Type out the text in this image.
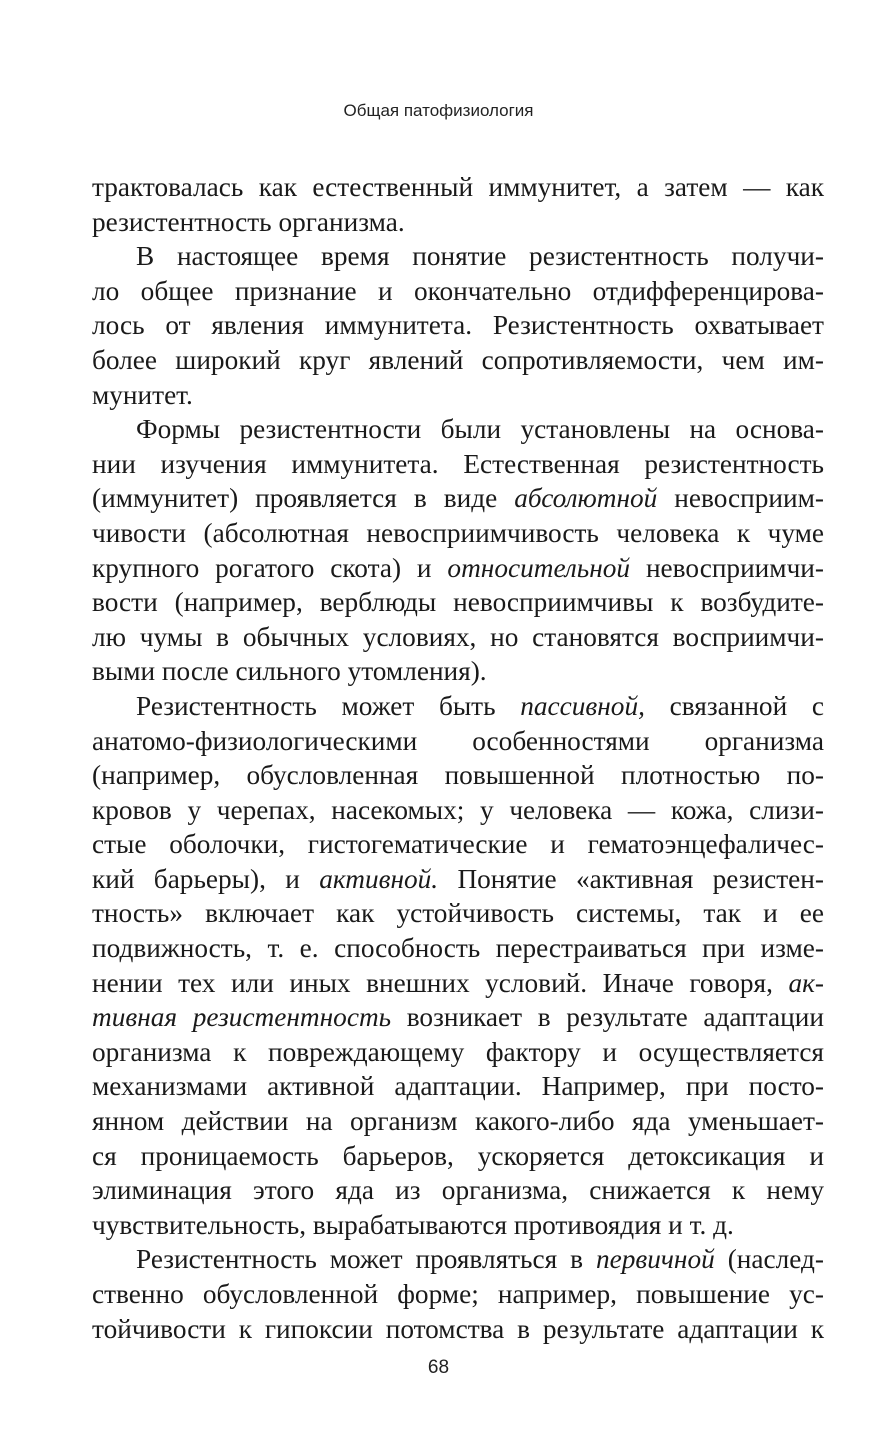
Общая патофизиология
трактовалась как естественный иммунитет, а затем — как
резистентность организма.
В настоящее время понятие резистентность получи-
ло общее признание и окончательно отдифференцирова-
лось от явления иммунитета. Резистентность охватывает
более широкий круг явлений сопротивляемости, чем им-
мунитет.
Формы резистентности были установлены на основа-
нии изучения иммунитета. Естественная резистентность
(иммунитет) проявляется в виде абсолютной невосприим-
чивости (абсолютная невосприимчивость человека к чуме
крупного рогатого скота) и относительной невосприимчи-
вости (например, верблюды невосприимчивы к возбудите-
лю чумы в обычных условиях, но становятся восприимчи-
выми после сильного утомления).
Резистентность может быть пассивной, связанной с
анатомо-физиологическими особенностями организма
(например, обусловленная повышенной плотностью по-
кровов у черепах, насекомых; у человека — кожа, слизи-
стые оболочки, гистогематические и гематоэнцефаличес-
кий барьеры), и активной. Понятие «активная резистен-
тность» включает как устойчивость системы, так и ее
подвижность, т. е. способность перестраиваться при изме-
нении тех или иных внешних условий. Иначе говоря, ак-
тивная резистентность возникает в результате адаптации
организма к повреждающему фактору и осуществляется
механизмами активной адаптации. Например, при посто-
янном действии на организм какого-либо яда уменьшает-
ся проницаемость барьеров, ускоряется детоксикация и
элиминация этого яда из организма, снижается к нему
чувствительность, вырабатываются противоядия и т. д.
Резистентность может проявляться в первичной (наслед-
ственно обусловленной форме; например, повышение ус-
тойчивости к гипоксии потомства в результате адаптации к
68
